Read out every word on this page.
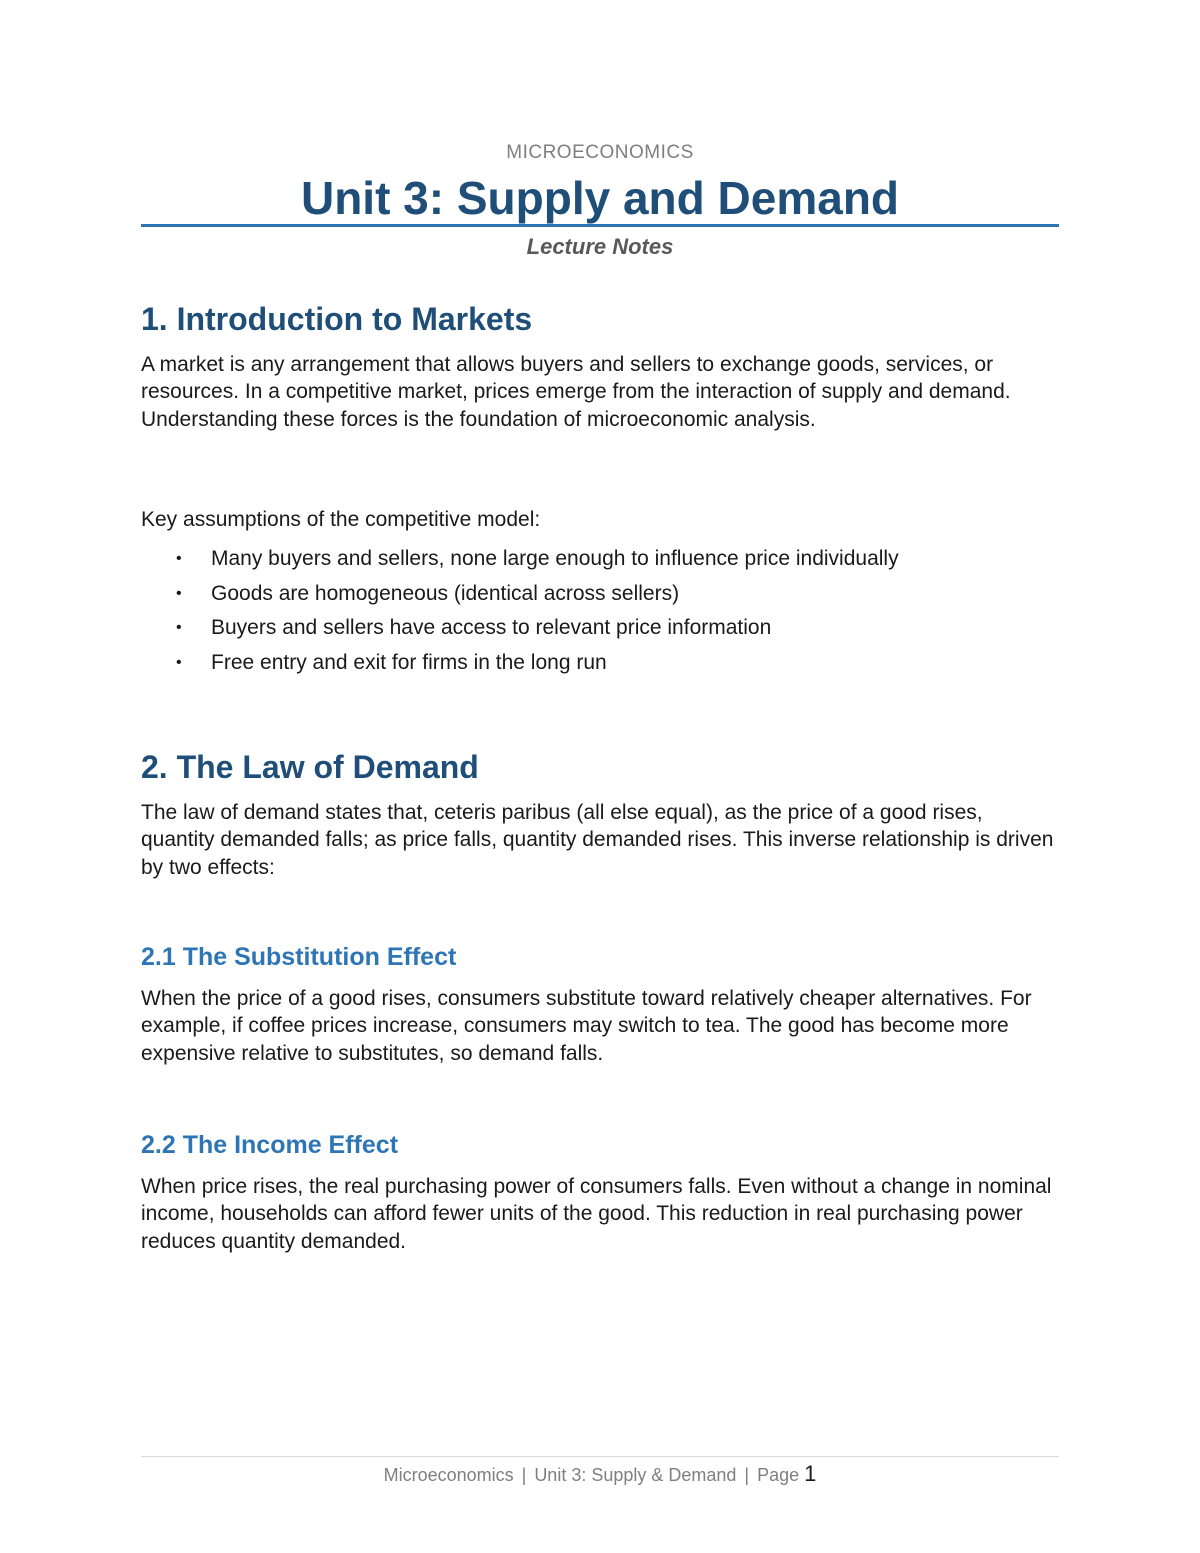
MICROECONOMICS
Unit 3: Supply and Demand
Lecture Notes
1. Introduction to Markets

A market is any arrangement that allows buyers and sellers to exchange goods, services, or resources. In a competitive market, prices emerge from the interaction of supply and demand. Understanding these forces is the foundation of microeconomic analysis.

Key assumptions of the competitive model:

• Many buyers and sellers, none large enough to influence price individually
• Goods are homogeneous (identical across sellers)
• Buyers and sellers have access to relevant price information
• Free entry and exit for firms in the long run
2. The Law of Demand

The law of demand states that, ceteris paribus (all else equal), as the price of a good rises, quantity demanded falls; as price falls, quantity demanded rises. This inverse relationship is driven by two effects:

2.1 The Substitution Effect

When the price of a good rises, consumers substitute toward relatively cheaper alternatives. For example, if coffee prices increase, consumers may switch to tea. The good has become more expensive relative to substitutes, so demand falls.

2.2 The Income Effect

When price rises, the real purchasing power of consumers falls. Even without a change in nominal income, households can afford fewer units of the good. This reduction in real purchasing power reduces quantity demanded.

Microeconomics | Unit 3: Supply & Demand | Page 1
